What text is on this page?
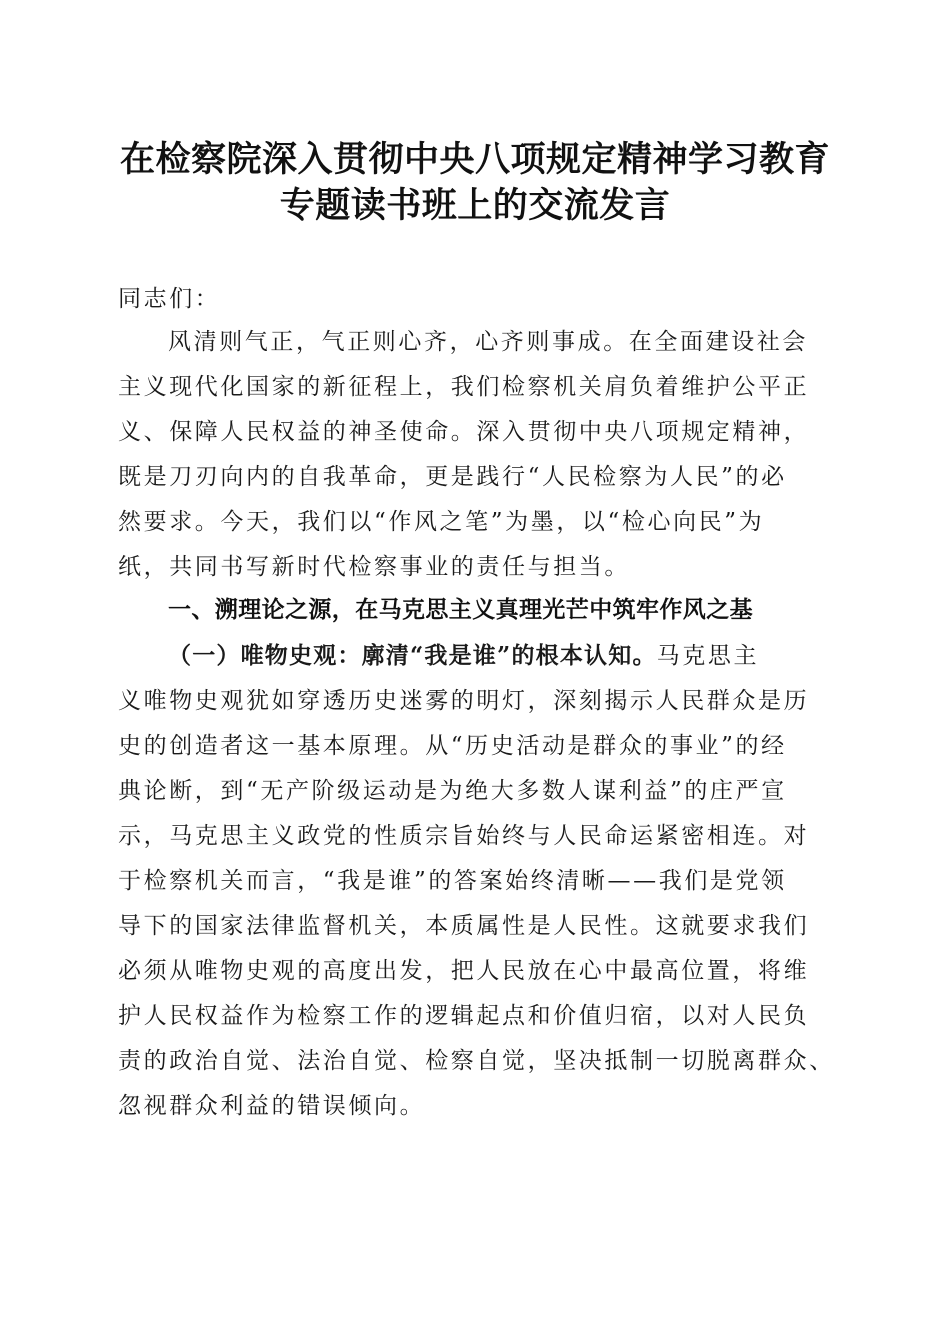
在检察院深入贯彻中央八项规定精神学习教育
专题读书班上的交流发言
同志们：
风清则气正，气正则心齐，心齐则事成。在全面建设社会
主义现代化国家的新征程上，我们检察机关肩负着维护公平正
义、保障人民权益的神圣使命。深入贯彻中央八项规定精神，
既是刀刃向内的自我革命，更是践行“人民检察为人民”的必
然要求。今天，我们以“作风之笔”为墨，以“检心向民”为
纸，共同书写新时代检察事业的责任与担当。
一、溯理论之源，在马克思主义真理光芒中筑牢作风之基
（一）唯物史观：廓清“我是谁”的根本认知。马克思主
义唯物史观犹如穿透历史迷雾的明灯，深刻揭示人民群众是历
史的创造者这一基本原理。从“历史活动是群众的事业”的经
典论断，到“无产阶级运动是为绝大多数人谋利益”的庄严宣
示，马克思主义政党的性质宗旨始终与人民命运紧密相连。对
于检察机关而言，“我是谁”的答案始终清晰——我们是党领
导下的国家法律监督机关，本质属性是人民性。这就要求我们
必须从唯物史观的高度出发，把人民放在心中最高位置，将维
护人民权益作为检察工作的逻辑起点和价值归宿，以对人民负
责的政治自觉、法治自觉、检察自觉，坚决抵制一切脱离群众、
忽视群众利益的错误倾向。
